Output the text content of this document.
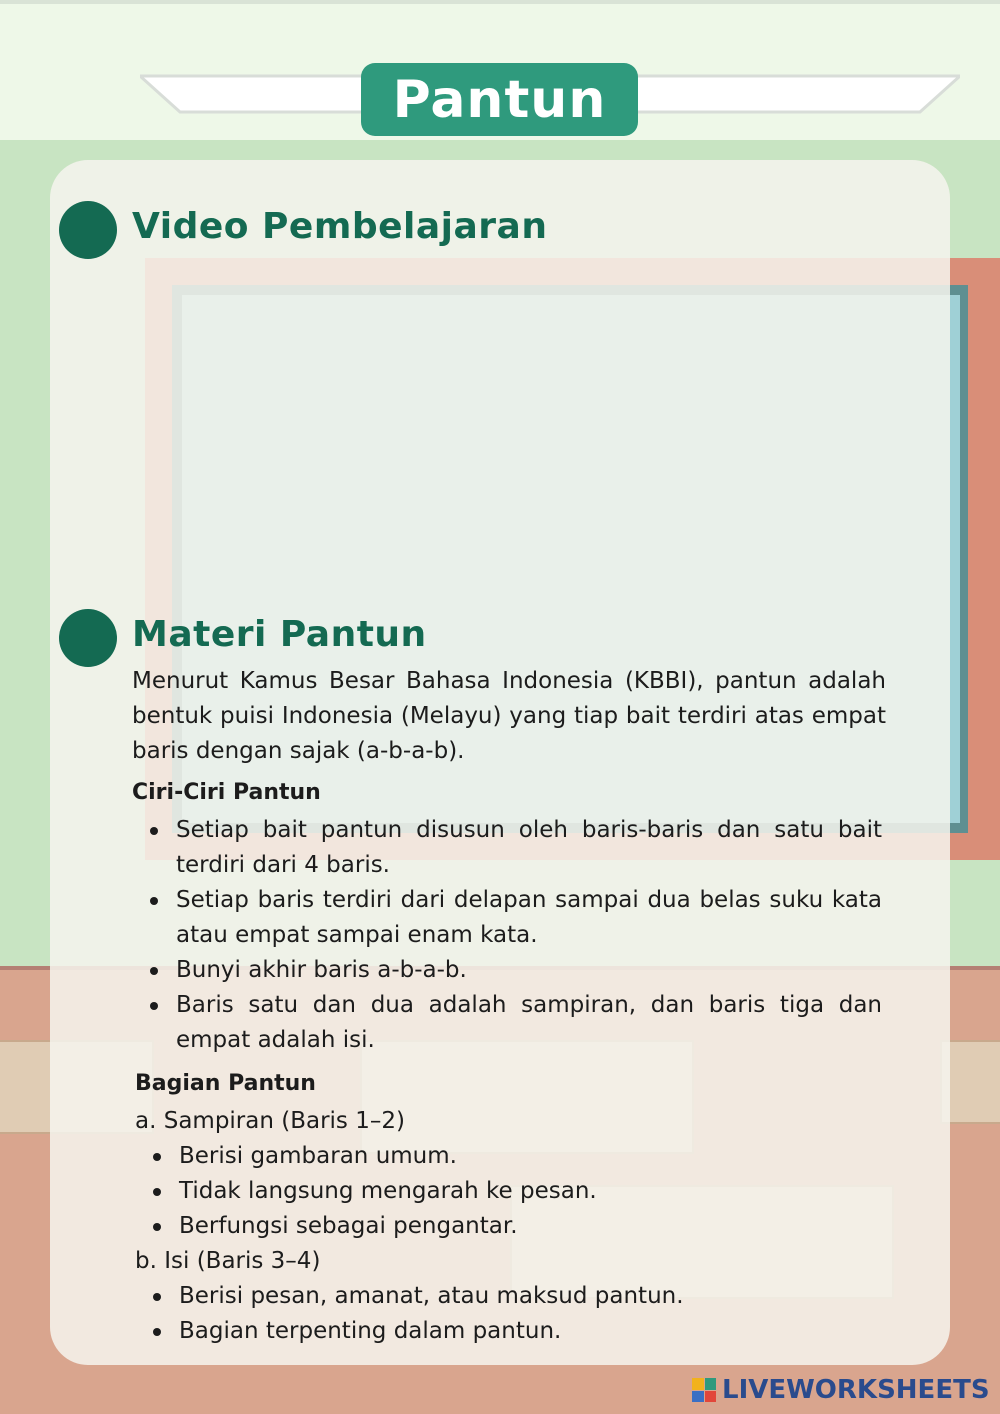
Pantun
Video Pembelajaran
Materi Pantun
Menurut Kamus Besar Bahasa Indonesia (KBBI), pantun adalah bentuk puisi Indonesia (Melayu) yang tiap bait terdiri atas empat baris dengan sajak (a-b-a-b).
Ciri-Ciri Pantun
Setiap bait pantun disusun oleh baris-baris dan satu bait terdiri dari 4 baris.
Setiap baris terdiri dari delapan sampai dua belas suku kata atau empat sampai enam kata.
Bunyi akhir baris a-b-a-b.
Baris satu dan dua adalah sampiran, dan baris tiga dan empat adalah isi.
Bagian Pantun
a. Sampiran (Baris 1–2)
Berisi gambaran umum.
Tidak langsung mengarah ke pesan.
Berfungsi sebagai pengantar.
b. Isi (Baris 3–4)
Berisi pesan, amanat, atau maksud pantun.
Bagian terpenting dalam pantun.
LIVEWORKSHEETS
